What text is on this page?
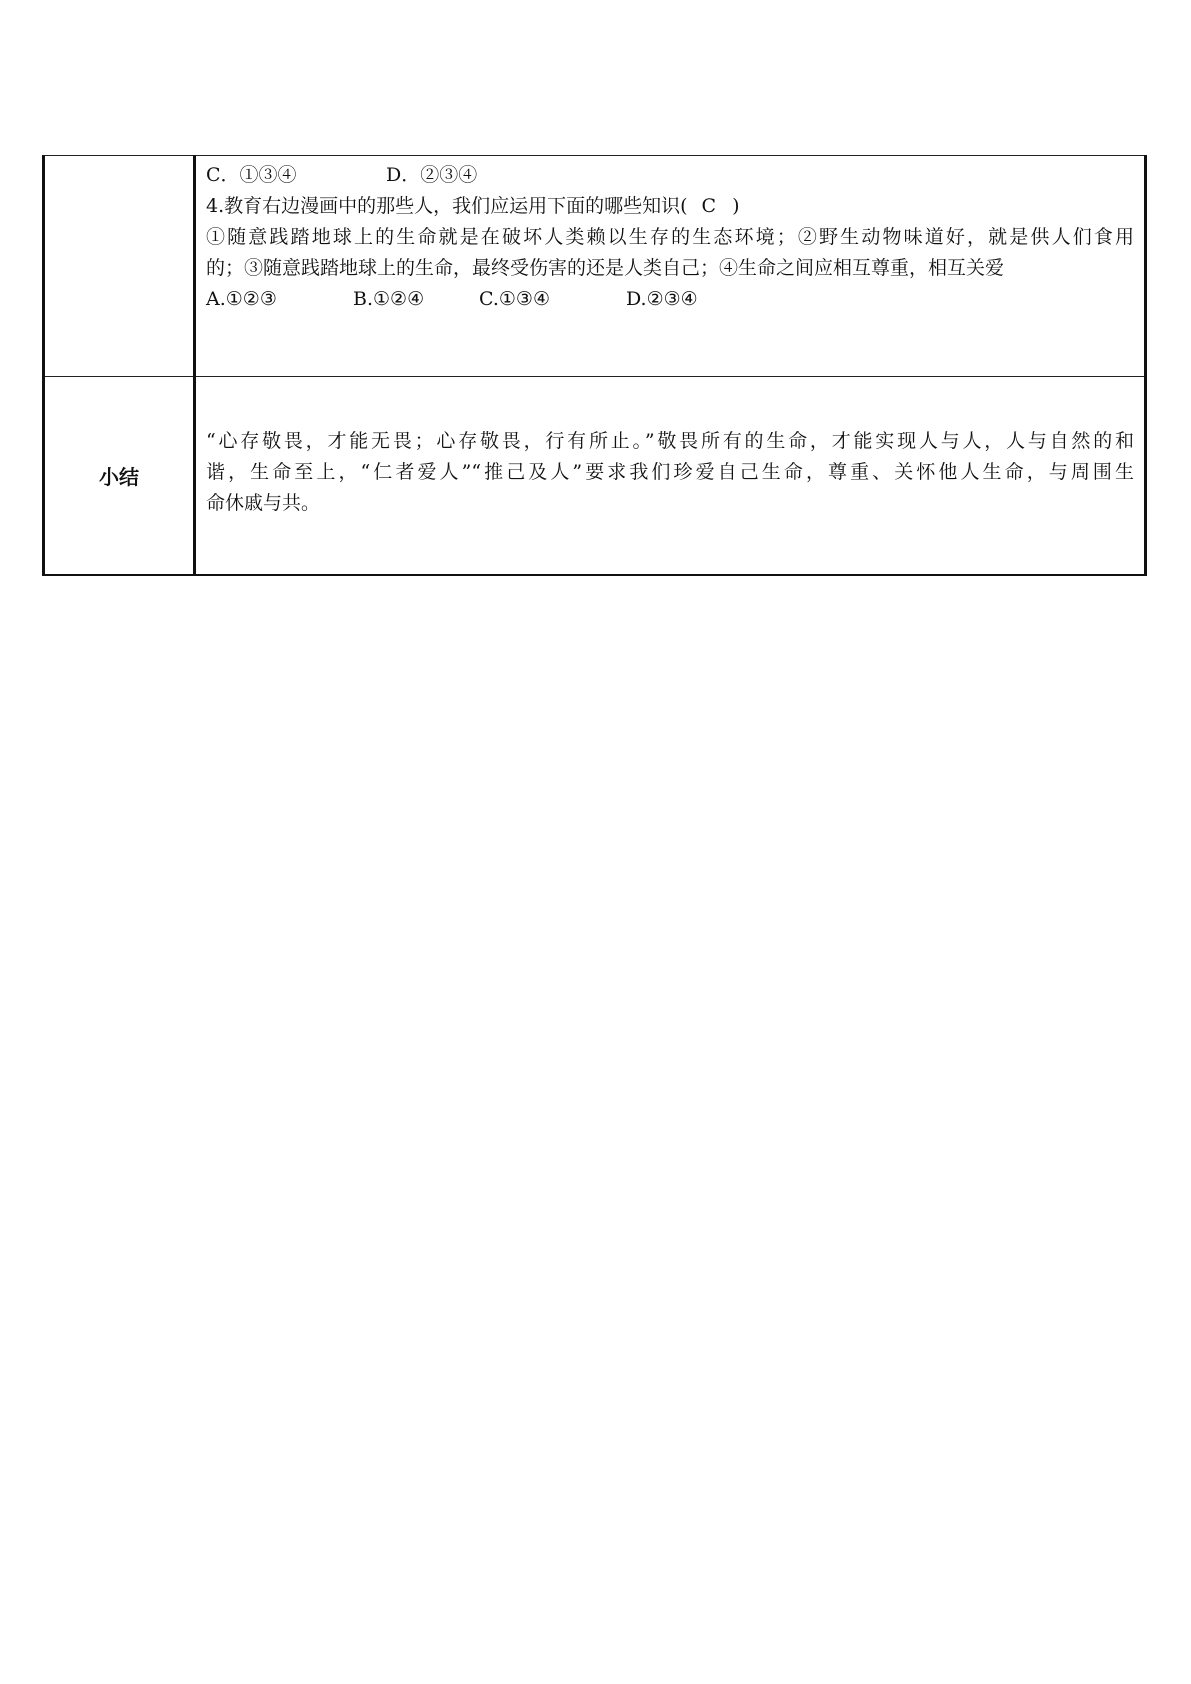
	C．①③④ D．②③④
4.教育右边漫画中的那些人，我们应运用下面的哪些知识( C )
①随意践踏地球上的生命就是在破坏人类赖以生存的生态环境；②野生动物味道好，就是供人们食用
的；③随意践踏地球上的生命，最终受伤害的还是人类自己；④生命之间应相互尊重，相互关爱
A.①②③ B.①②④ C.①③④ D.②③④

小结	“心存敬畏，才能无畏；心存敬畏，行有所止。”敬畏所有的生命，才能实现人与人，人与自然的和
谐，生命至上，“仁者爱人”“推己及人”要求我们珍爱自己生命，尊重、关怀他人生命，与周围生
命休戚与共。
